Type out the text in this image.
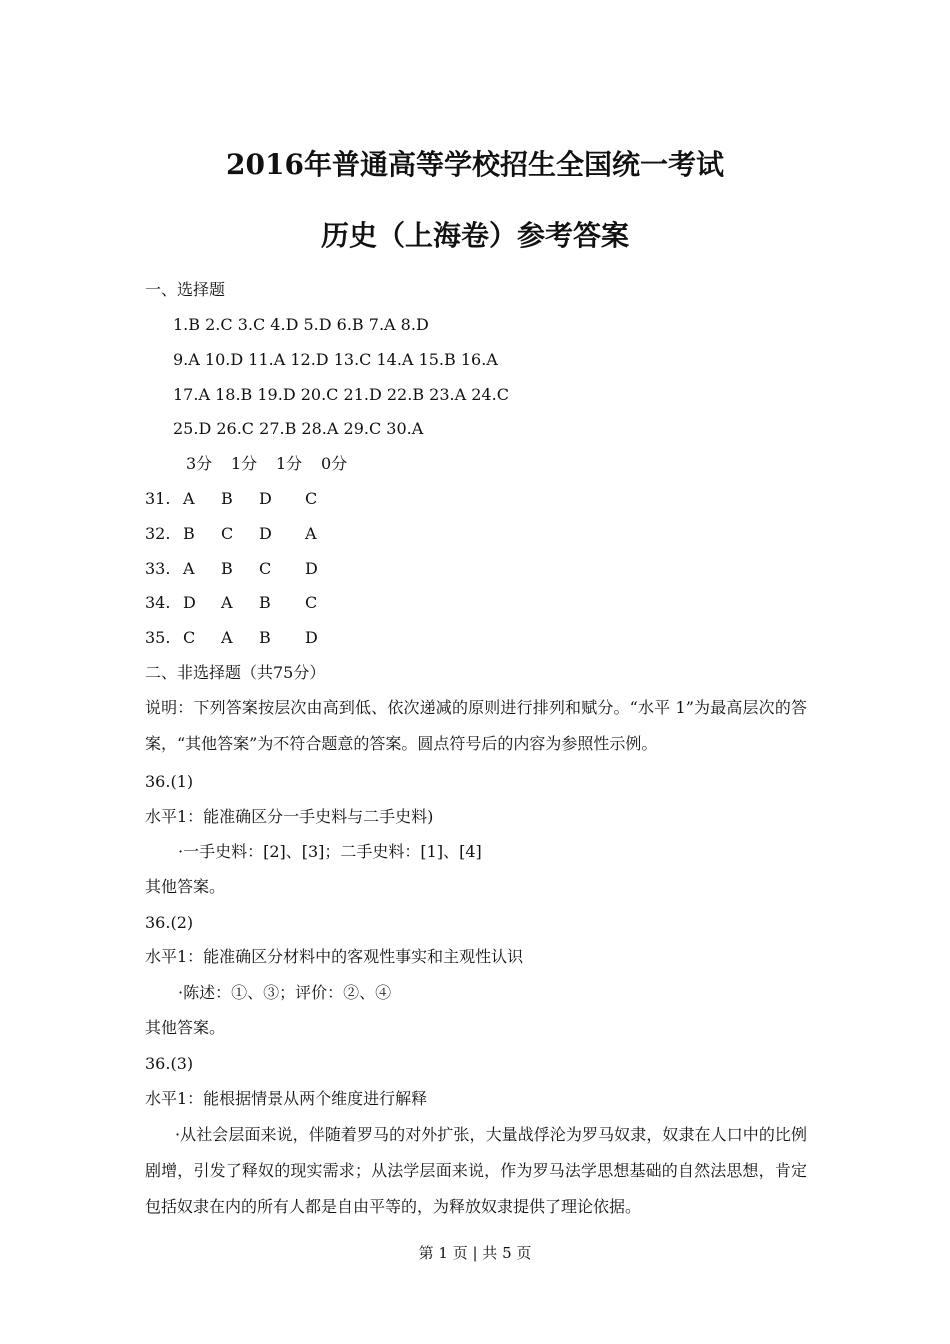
2016年普通高等学校招生全国统一考试
历史（上海卷）参考答案

一、选择题

1.B 2.C 3.C 4.D 5.D 6.B 7.A 8.D

9.A 10.D 11.A 12.D 13.C 14.A 15.B 16.A

17.A 18.B 19.D 20.C 21.D 22.B 23.A 24.C

25.D 26.C 27.B 28.A 29.C 30.A

3分 1分 1分 0分

31. A B D C

32. B C D A

33. A B C D

34. D A B C

35. C A B D

二、非选择题（共75分）

说明：下列答案按层次由高到低、依次递减的原则进行排列和赋分。“水平 1”为最高层次的答案，“其他答案”为不符合题意的答案。圆点符号后的内容为参照性示例。

36.(1)

水平1：能准确区分一手史料与二手史料)

·一手史料：[2]、[3]；二手史料：[1]、[4]

其他答案。

36.(2)

水平1：能准确区分材料中的客观性事实和主观性认识

·陈述：①、③；评价：②、④

其他答案。

36.(3)

水平1：能根据情景从两个维度进行解释

·从社会层面来说，伴随着罗马的对外扩张，大量战俘沦为罗马奴隶，奴隶在人口中的比例剧增，引发了释奴的现实需求；从法学层面来说，作为罗马法学思想基础的自然法思想，肯定包括奴隶在内的所有人都是自由平等的，为释放奴隶提供了理论依据。

第 1 页 | 共 5 页
